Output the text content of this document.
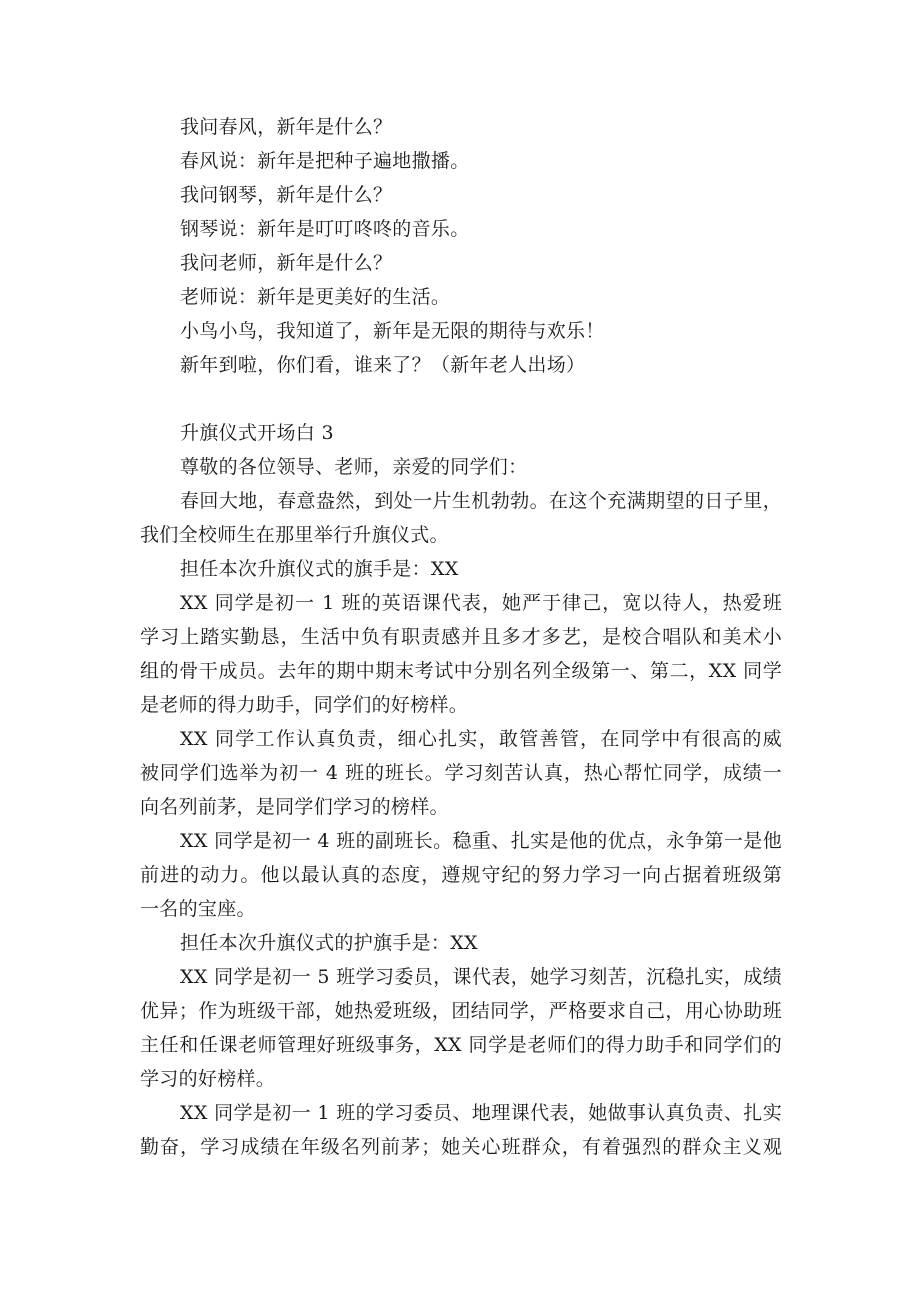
我问春风，新年是什么？
春风说：新年是把种子遍地撒播。
我问钢琴，新年是什么？
钢琴说：新年是叮叮咚咚的音乐。
我问老师，新年是什么？
老师说：新年是更美好的生活。
小鸟小鸟，我知道了，新年是无限的期待与欢乐！
新年到啦，你们看，谁来了？（新年老人出场）
升旗仪式开场白 3
尊敬的各位领导、老师，亲爱的同学们：
春回大地，春意盎然，到处一片生机勃勃。在这个充满期望的日子里，
我们全校师生在那里举行升旗仪式。
担任本次升旗仪式的旗手是：XX
XX 同学是初一 1 班的英语课代表，她严于律己，宽以待人，热爱班
学习上踏实勤恳，生活中负有职责感并且多才多艺，是校合唱队和美术小
组的骨干成员。去年的期中期末考试中分别名列全级第一、第二，XX 同学
是老师的得力助手，同学们的好榜样。
XX 同学工作认真负责，细心扎实，敢管善管，在同学中有很高的威
被同学们选举为初一 4 班的班长。学习刻苦认真，热心帮忙同学，成绩一
向名列前茅，是同学们学习的榜样。
XX 同学是初一 4 班的副班长。稳重、扎实是他的优点，永争第一是他
前进的动力。他以最认真的态度，遵规守纪的努力学习一向占据着班级第
一名的宝座。
担任本次升旗仪式的护旗手是：XX
XX 同学是初一 5 班学习委员，课代表，她学习刻苦，沉稳扎实，成绩
优异；作为班级干部，她热爱班级，团结同学，严格要求自己，用心协助班
主任和任课老师管理好班级事务，XX 同学是老师们的得力助手和同学们的
学习的好榜样。
XX 同学是初一 1 班的学习委员、地理课代表，她做事认真负责、扎实
勤奋，学习成绩在年级名列前茅；她关心班群众，有着强烈的群众主义观
